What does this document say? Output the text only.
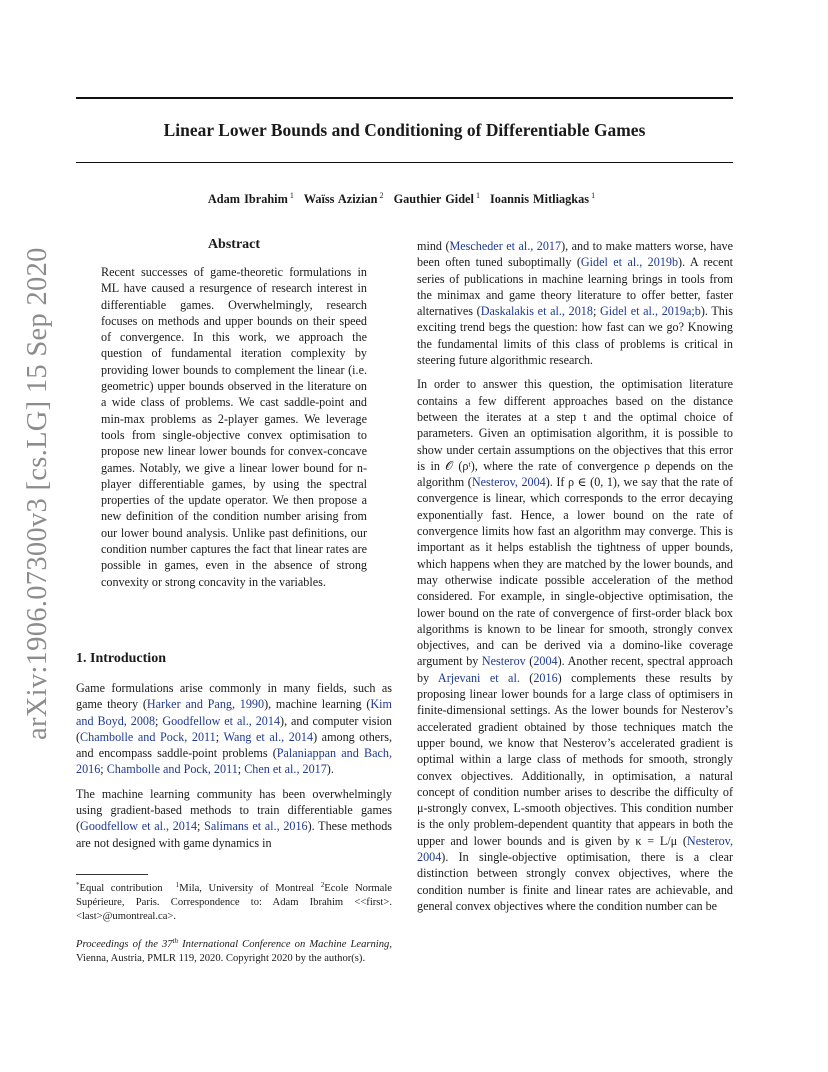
Linear Lower Bounds and Conditioning of Differentiable Games
Adam Ibrahim $^1$ Waïss Azizian $^2$ Gauthier Gidel $^1$ Ioannis Mitliagkas $^1$
arXiv:1906.07300v3 [cs.LG] 15 Sep 2020
Abstract
Recent successes of game-theoretic formulations in ML have caused a resurgence of research interest in differentiable games. Overwhelmingly, research focuses on methods and upper bounds on their speed of convergence. In this work, we approach the question of fundamental iteration complexity by providing lower bounds to complement the linear (i.e. geometric) upper bounds observed in the literature on a wide class of problems. We cast saddle-point and min-max problems as 2-player games. We leverage tools from single-objective convex optimisation to propose new linear lower bounds for convex-concave games. Notably, we give a linear lower bound for n-player differentiable games, by using the spectral properties of the update operator. We then propose a new definition of the condition number arising from our lower bound analysis. Unlike past definitions, our condition number captures the fact that linear rates are possible in games, even in the absence of strong convexity or strong concavity in the variables.
1. Introduction

Game formulations arise commonly in many fields, such as game theory (Harker and Pang, 1990), machine learning (Kim and Boyd, 2008; Goodfellow et al., 2014), and computer vision (Chambolle and Pock, 2011; Wang et al., 2014) among others, and encompass saddle-point problems (Palaniappan and Bach, 2016; Chambolle and Pock, 2011; Chen et al., 2017).

The machine learning community has been overwhelmingly using gradient-based methods to train differentiable games (Goodfellow et al., 2014; Salimans et al., 2016). These methods are not designed with game dynamics in

*Equal contribution $^1$Mila, University of Montreal $^2$Ecole Normale Supérieure, Paris. Correspondence to: Adam Ibrahim <<first>.<last>@umontreal.ca>.

Proceedings of the 37th International Conference on Machine Learning, Vienna, Austria, PMLR 119, 2020. Copyright 2020 by the author(s).

mind (Mescheder et al., 2017), and to make matters worse, have been often tuned suboptimally (Gidel et al., 2019b). A recent series of publications in machine learning brings in tools from the minimax and game theory literature to offer better, faster alternatives (Daskalakis et al., 2018; Gidel et al., 2019a;b). This exciting trend begs the question: how fast can we go? Knowing the fundamental limits of this class of problems is critical in steering future algorithmic research.

In order to answer this question, the optimisation literature contains a few different approaches based on the distance between the iterates at a step t and the optimal choice of parameters. Given an optimisation algorithm, it is possible to show under certain assumptions on the objectives that this error is in 𝒪 (ρᵗ), where the rate of convergence ρ depends on the algorithm (Nesterov, 2004). If ρ ∈ (0, 1), we say that the rate of convergence is linear, which corresponds to the error decaying exponentially fast. Hence, a lower bound on the rate of convergence limits how fast an algorithm may converge. This is important as it helps establish the tightness of upper bounds, which happens when they are matched by the lower bounds, and may otherwise indicate possible acceleration of the method considered. For example, in single-objective optimisation, the lower bound on the rate of convergence of first-order black box algorithms is known to be linear for smooth, strongly convex objectives, and can be derived via a domino-like coverage argument by Nesterov (2004). Another recent, spectral approach by Arjevani et al. (2016) complements these results by proposing linear lower bounds for a large class of optimisers in finite-dimensional settings. As the lower bounds for Nesterov’s accelerated gradient obtained by those techniques match the upper bound, we know that Nesterov’s accelerated gradient is optimal within a large class of methods for smooth, strongly convex objectives. Additionally, in optimisation, a natural concept of condition number arises to describe the difficulty of μ-strongly convex, L-smooth objectives. This condition number is the only problem-dependent quantity that appears in both the upper and lower bounds and is given by κ = L/μ (Nesterov, 2004). In single-objective optimisation, there is a clear distinction between strongly convex objectives, where the condition number is finite and linear rates are achievable, and general convex objectives where the condition number can be
